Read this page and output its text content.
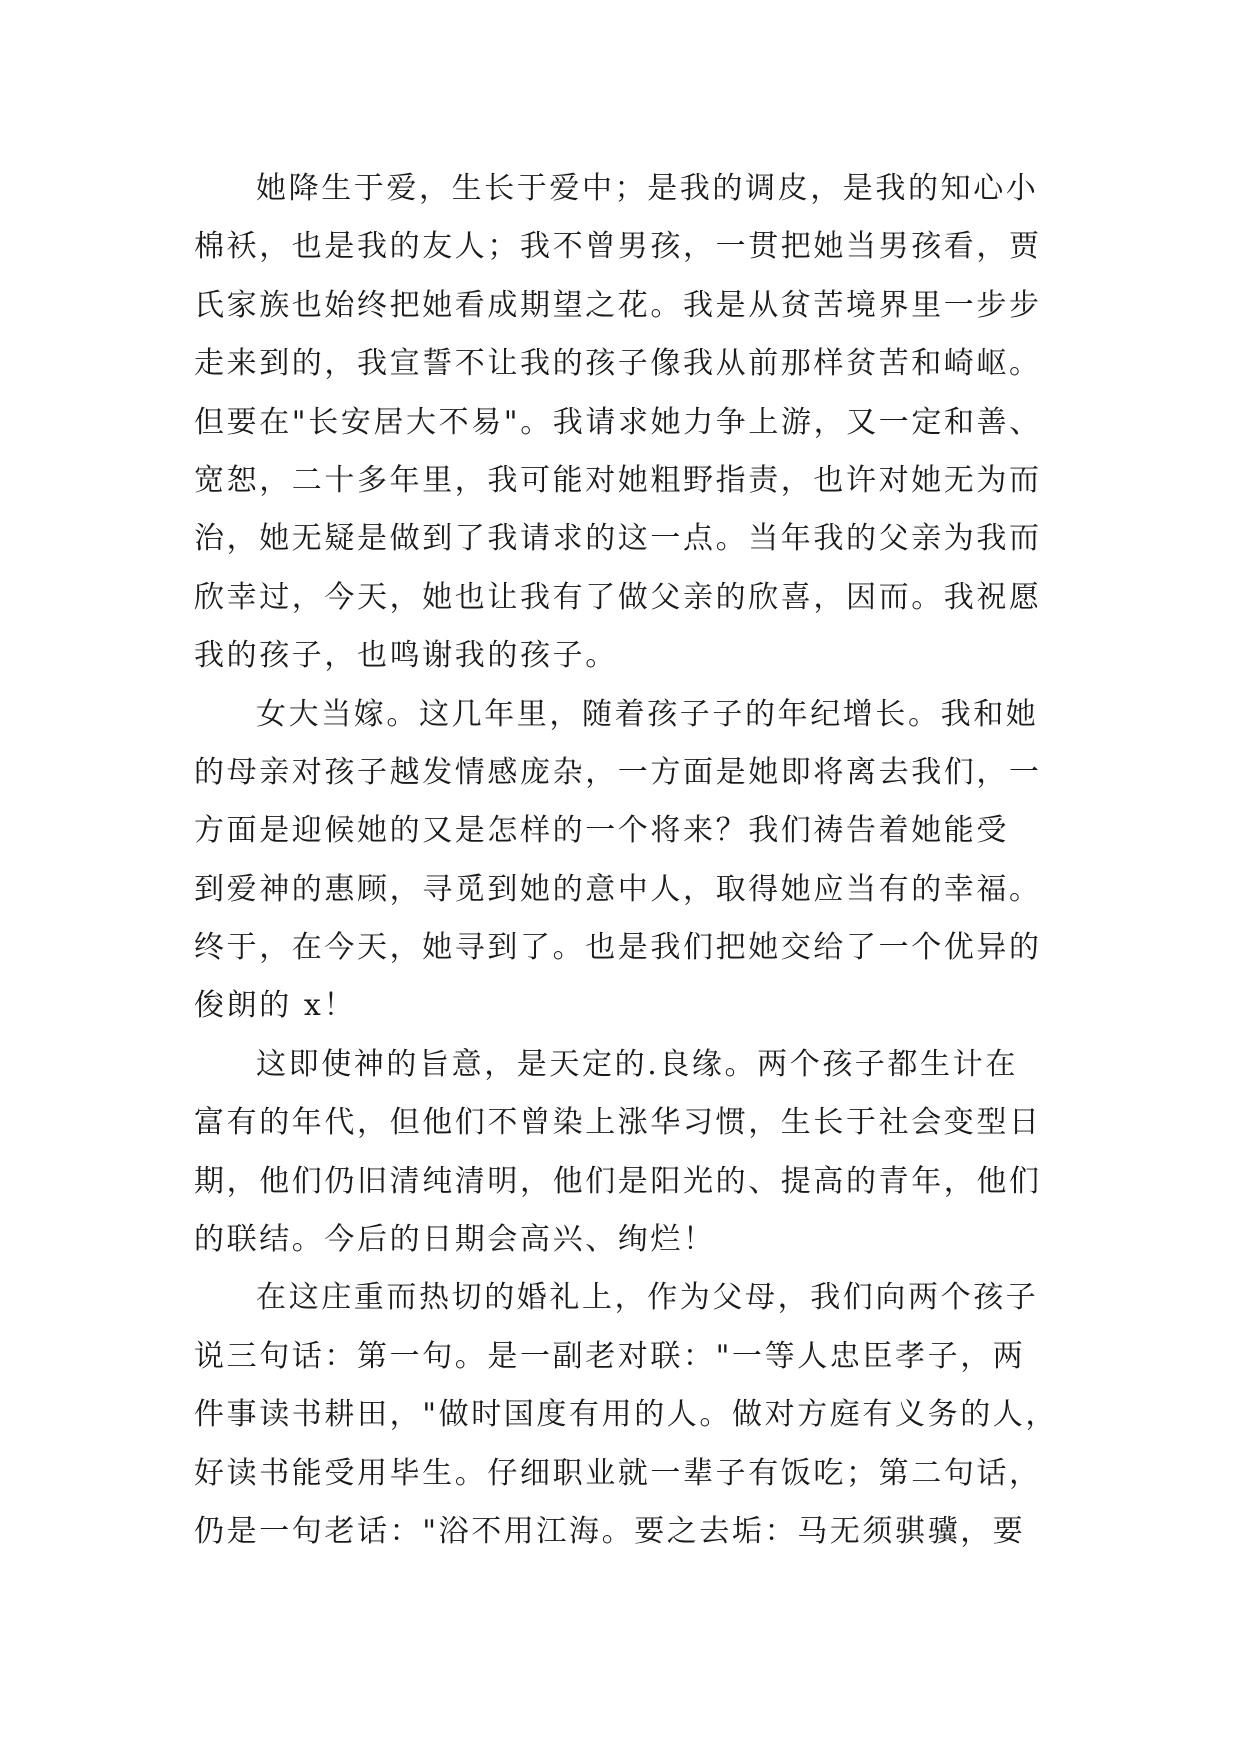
她降生于爱，生长于爱中；是我的调皮，是我的知心小
棉袄，也是我的友人；我不曾男孩，一贯把她当男孩看，贾
氏家族也始终把她看成期望之花。我是从贫苦境界里一步步
走来到的，我宣誓不让我的孩子像我从前那样贫苦和崎岖。
但要在"长安居大不易"。我请求她力争上游，又一定和善、
宽恕，二十多年里，我可能对她粗野指责，也许对她无为而
治，她无疑是做到了我请求的这一点。当年我的父亲为我而
欣幸过，今天，她也让我有了做父亲的欣喜，因而。我祝愿
我的孩子，也鸣谢我的孩子。
女大当嫁。这几年里，随着孩子子的年纪增长。我和她
的母亲对孩子越发情感庞杂，一方面是她即将离去我们，一
方面是迎候她的又是怎样的一个将来？我们祷告着她能受
到爱神的惠顾，寻觅到她的意中人，取得她应当有的幸福。
终于，在今天，她寻到了。也是我们把她交给了一个优异的
俊朗的 x！
这即使神的旨意，是天定的.良缘。两个孩子都生计在
富有的年代，但他们不曾染上涨华习惯，生长于社会变型日
期，他们仍旧清纯清明，他们是阳光的、提高的青年，他们
的联结。今后的日期会高兴、绚烂！
在这庄重而热切的婚礼上，作为父母，我们向两个孩子
说三句话：第一句。是一副老对联："一等人忠臣孝子，两
件事读书耕田，"做时国度有用的人。做对方庭有义务的人，
好读书能受用毕生。仔细职业就一辈子有饭吃；第二句话，
仍是一句老话："浴不用江海。要之去垢：马无须骐骥，要
